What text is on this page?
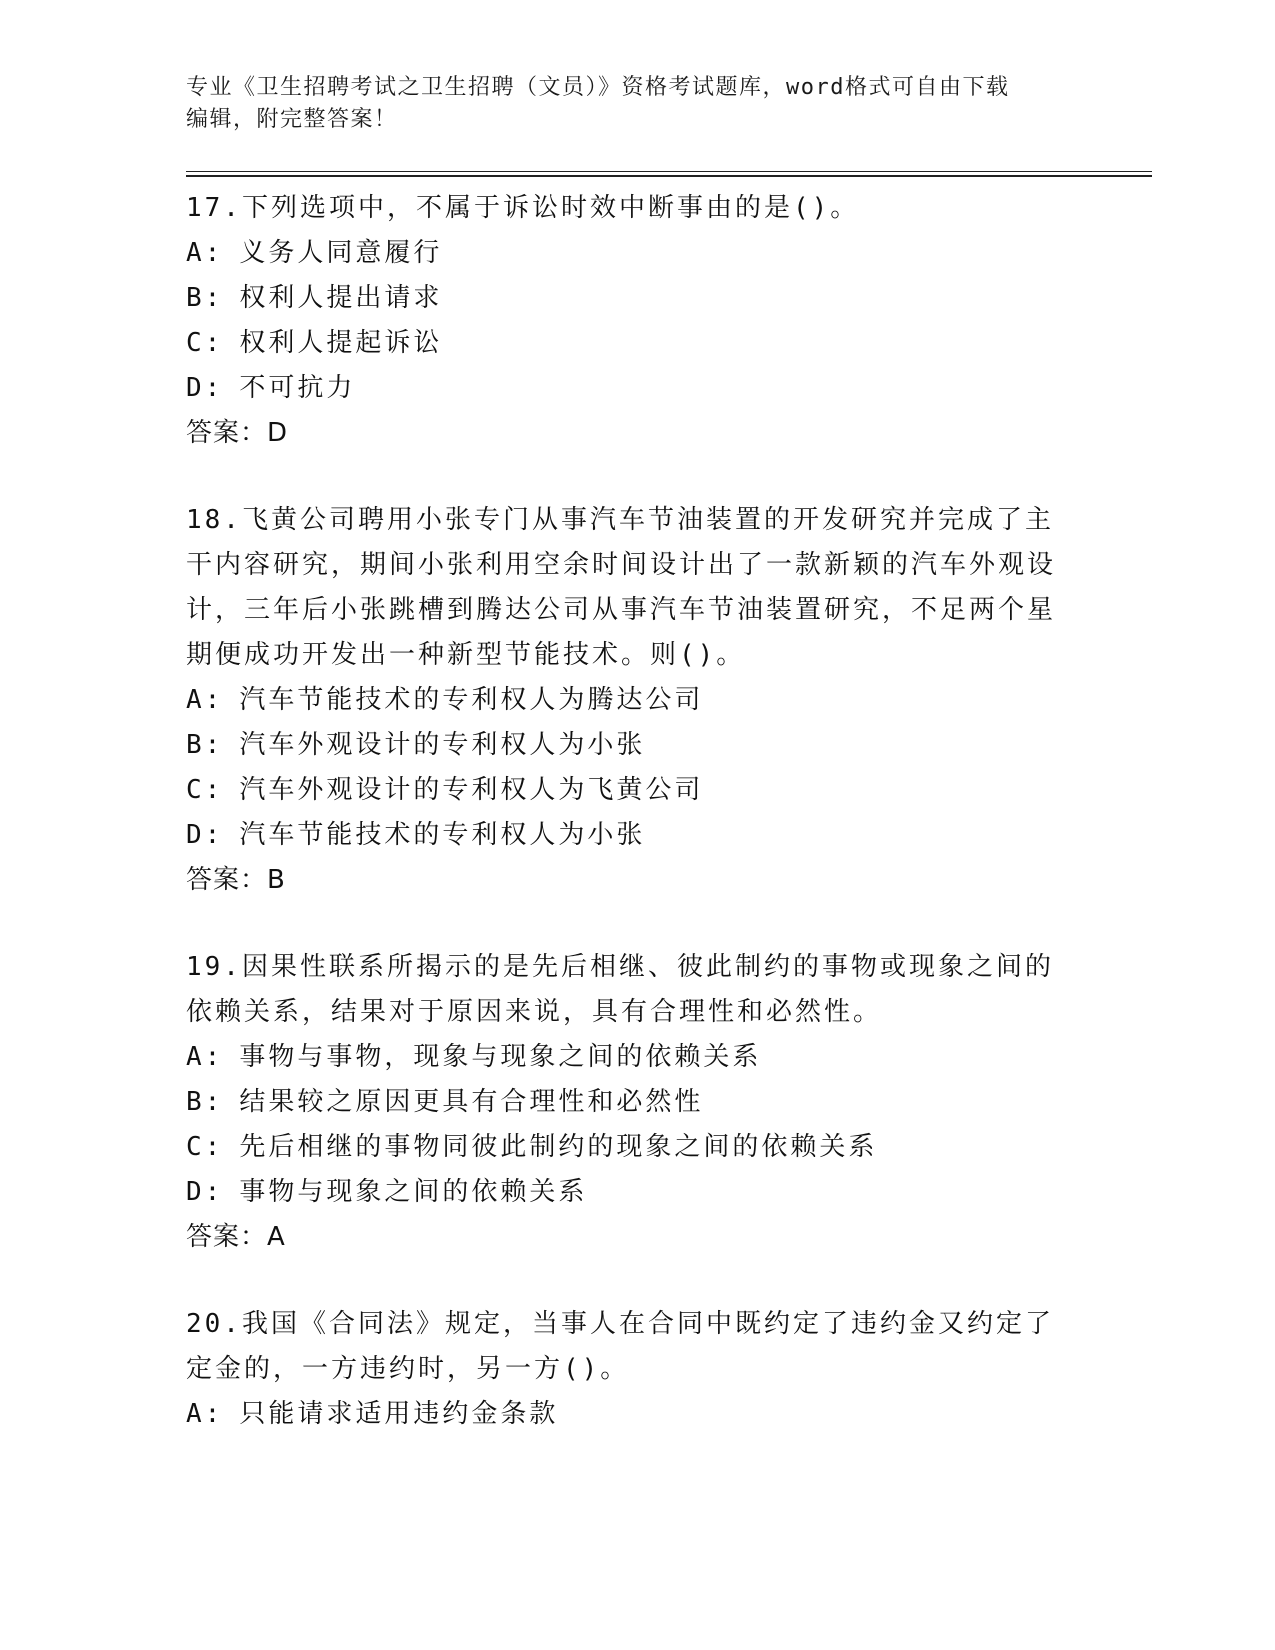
专业《卫生招聘考试之卫生招聘（文员）》资格考试题库，word格式可自由下载

编辑，附完整答案！

17.下列选项中，不属于诉讼时效中断事由的是()。

A: 义务人同意履行

B: 权利人提出请求

C: 权利人提起诉讼

D: 不可抗力

答案：D

18.飞黄公司聘用小张专门从事汽车节油装置的开发研究并完成了主干内容研究，期间小张利用空余时间设计出了一款新颖的汽车外观设计，三年后小张跳槽到腾达公司从事汽车节油装置研究，不足两个星期便成功开发出一种新型节能技术。则()。

A: 汽车节能技术的专利权人为腾达公司

B: 汽车外观设计的专利权人为小张

C: 汽车外观设计的专利权人为飞黄公司

D: 汽车节能技术的专利权人为小张

答案：B

19.因果性联系所揭示的是先后相继、彼此制约的事物或现象之间的依赖关系，结果对于原因来说，具有合理性和必然性。

A: 事物与事物，现象与现象之间的依赖关系

B: 结果较之原因更具有合理性和必然性

C: 先后相继的事物同彼此制约的现象之间的依赖关系

D: 事物与现象之间的依赖关系

答案：A

20.我国《合同法》规定，当事人在合同中既约定了违约金又约定了定金的，一方违约时，另一方()。

A: 只能请求适用违约金条款
